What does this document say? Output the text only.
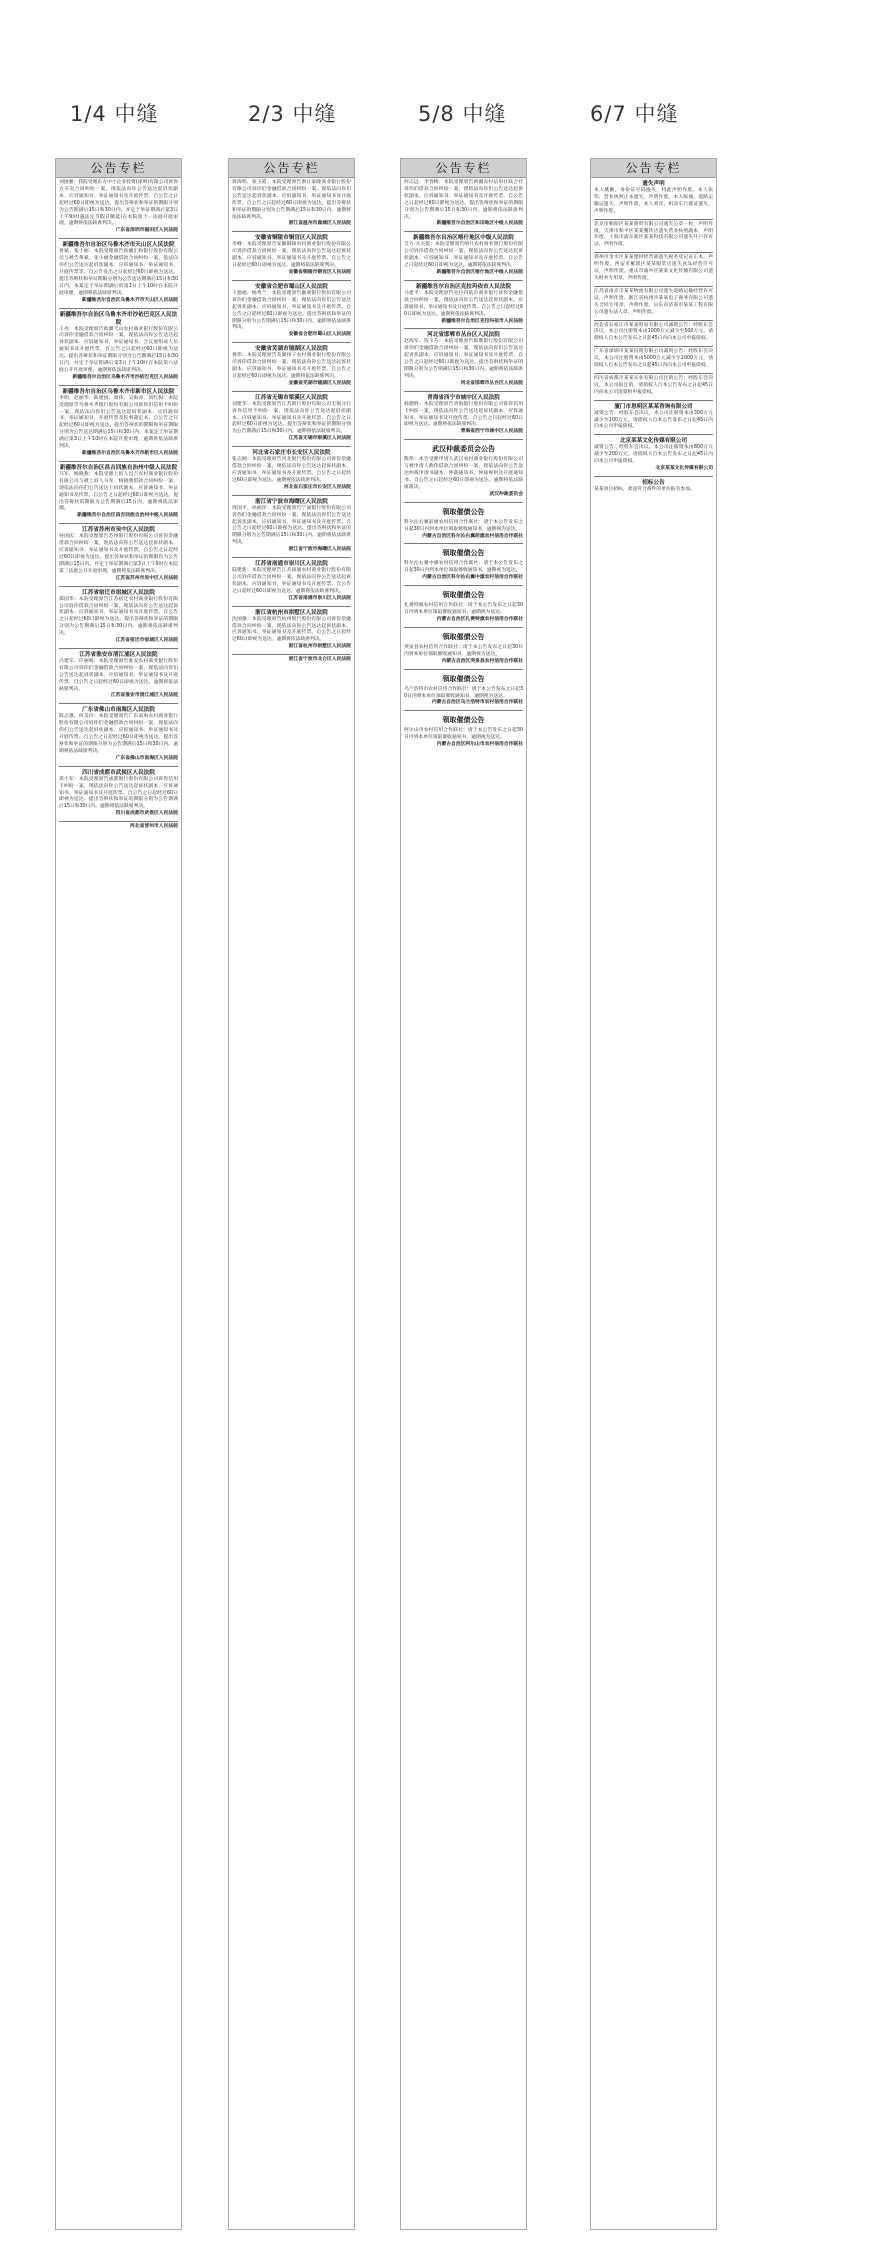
1/4 中缝	2/3 中缝	5/8 中缝	6/7 中缝
公告专栏
刘国强：我院受理东方中小企业投资(深圳)有限公司诉你方买卖合同纠纷一案，现依法向你公告送达起诉状副本、应诉通知书、举证通知书及开庭传票。自公告之日起经过60日即视为送达。提出答辩状和举证的期限分别为公告期满后15日和30日内。并定于举证期满后第3日上午9时(遇法定节假日顺延)在本院第十一法庭开庭审理，逾期将依法缺席判决。
广东省深圳市福田区人民法院
新疆维吾尔自治区乌鲁木齐市天山区人民法院
黄斌、张小丽：本院受理原告新疆汇和银行股份有限公司与被告黄斌、张小丽金融借款合同纠纷一案，依法向你们公告送达起诉状副本、应诉通知书、举证通知书、开庭传票等。自公告发出之日起经过60日即视为送达。提出答辩状和举证期限分别为公告送达期满后15日和30日内。本案定于举证期满后的第3日上午10时在本院开庭审理，逾期将依法缺席判决。
新疆维吾尔自治区乌鲁木齐市天山区人民法院
新疆维吾尔自治区乌鲁木齐市沙依巴克区人民法院
王亮：本院受理原告新疆天山农村商业银行股份有限公司诉你金融借款合同纠纷一案，现依法向你公告送达起诉状副本、应诉通知书、举证通知书、合议庭组成人员通知书及开庭传票。自公告之日起经过60日即视为送达。提出答辩状和举证期限分别为公告期满后15日和30日内，并定于举证期满后第3日上午10时在本院第六法庭公开开庭审理，逾期将依法缺席判决。
新疆维吾尔自治区乌鲁木齐市沙依巴克区人民法院
新疆维吾尔自治区乌鲁木齐市新市区人民法院
李明、赵丽华、陈建国、周伟、吴海涛、刘红梅：本院受理原告乌鲁木齐银行股份有限公司诉你们信用卡纠纷一案，现依法向你们公告送达起诉状副本、应诉通知书、举证通知书、开庭传票及民事裁定书。自公告之日起经过60日即视为送达。提出答辩状的期限和举证期限分别为公告送达期满后15日和30日内，本案定于举证期满后第3日上午10时在本院开庭审理，逾期将依法缺席判决。
新疆维吾尔自治区乌鲁木齐市新市区人民法院
新疆维吾尔自治区昌吉回族自治州中级人民法院
马军、杨晓燕：本院受理上诉人昌吉农村商业银行股份有限公司与被上诉人马军、杨晓燕借款合同纠纷一案，现依法向你们公告送达上诉状副本、应诉通知书、举证通知书及传票。自公告之日起经过60日即视为送达。提出答辩状的期限为公告期满后15日内，逾期将依法审理。
新疆维吾尔自治区昌吉回族自治州中级人民法院
江苏省苏州市吴中区人民法院
孙国庆：本院受理原告苏州银行股份有限公司诉你金融借款合同纠纷一案，现依法向你公告送达起诉状副本、应诉通知书、举证通知书及开庭传票。自公告之日起经过60日即视为送达。提出答辩状和举证的期限均为公告期满后15日内。并定于举证期满后第3日上午9时在本院第三法庭公开开庭审理，逾期将依法缺席判决。
江苏省苏州市吴中区人民法院
江苏省宿迁市宿城区人民法院
郑国华：本院受理原告江苏宿迁农村商业银行股份有限公司诉你借款合同纠纷一案，现依法向你公告送达起诉状副本、应诉通知书、举证通知书及开庭传票。自公告之日起经过60日即视为送达。提出答辩状和举证的期限分别为公告期满后15日和30日内。逾期将依法缺席判决。
江苏省宿迁市宿城区人民法院
江苏省淮安市清江浦区人民法院
冯建军、许丽娟：本院受理原告淮安农村商业银行股份有限公司诉你们金融借款合同纠纷一案，现依法向你们公告送达起诉状副本、应诉通知书、举证通知书及开庭传票。自公告之日起经过60日即视为送达。逾期将依法缺席判决。
江苏省淮安市清江浦区人民法院
广东省佛山市南海区人民法院
陈志强、何美玲：本院受理原告广东南海农村商业银行股份有限公司诉你们金融借款合同纠纷一案，现依法向你们公告送达起诉状副本、应诉通知书、举证通知书及开庭传票。自公告之日起经过60日即视为送达。提出答辩状和举证的期限分别为公告期满后15日和30日内。逾期将依法缺席判决。
广东省佛山市南海区人民法院
四川省成都市武侯区人民法院
邓小军：本院受理原告成都银行股份有限公司诉你信用卡纠纷一案，现依法向你公告送达起诉状副本、应诉通知书、举证通知书及开庭传票。自公告之日起经过60日即视为送达。提出答辩状和举证的期限分别为公告期满后15日和30日内。逾期将依法缺席判决。
四川省成都市武侯区人民法院
河北省晋州市人民法院
公告专栏
蒋海明、张玉霞：本院受理原告浙江泰隆商业银行股份有限公司诉你们金融借款合同纠纷一案，现依法向你们公告送达起诉状副本、应诉通知书、举证通知书及开庭传票。自公告之日起经过60日即视为送达。提出答辩状和举证的期限分别为公告期满后15日和30日内。逾期将依法缺席判决。
浙江省温州市鹿城区人民法院
安徽省铜陵市铜官区人民法院
李峰：本院受理原告安徽铜陵农村商业银行股份有限公司诉你借款合同纠纷一案，现依法向你公告送达起诉状副本、应诉通知书、举证通知书及开庭传票。自公告之日起经过60日即视为送达。逾期将依法缺席判决。
安徽省铜陵市铜官区人民法院
安徽省合肥市蜀山区人民法院
王德福、杨秀兰：本院受理原告徽商银行股份有限公司诉你们金融借款合同纠纷一案，现依法向你们公告送达起诉状副本、应诉通知书、举证通知书及开庭传票。自公告之日起经过60日即视为送达。提出答辩状和举证的期限分别为公告期满后15日和30日内。逾期将依法缺席判决。
安徽省合肥市蜀山区人民法院
安徽省芜湖市镜湖区人民法院
黄伟：本院受理原告芜湖扬子农村商业银行股份有限公司诉你借款合同纠纷一案，现依法向你公告送达起诉状副本、应诉通知书、举证通知书及开庭传票。自公告之日起经过60日即视为送达。逾期将依法缺席判决。
安徽省芜湖市镜湖区人民法院
江苏省无锡市梁溪区人民法院
刘建华：本院受理原告江苏银行股份有限公司无锡分行诉你信用卡纠纷一案，现依法向你公告送达起诉状副本、应诉通知书、举证通知书及开庭传票。自公告之日起经过60日即视为送达。提出答辩状和举证的期限分别为公告期满后15日和30日内。逾期将依法缺席判决。
江苏省无锡市梁溪区人民法院
河北省石家庄市长安区人民法院
张志刚：本院受理原告河北银行股份有限公司诉你金融借款合同纠纷一案，现依法向你公告送达起诉状副本、应诉通知书、举证通知书及开庭传票。自公告之日起经过60日即视为送达。逾期将依法缺席判决。
河北省石家庄市长安区人民法院
浙江省宁波市海曙区人民法院
周国平、孙丽萍：本院受理原告宁波银行股份有限公司诉你们金融借款合同纠纷一案，现依法向你们公告送达起诉状副本、应诉通知书、举证通知书及开庭传票。自公告之日起经过60日即视为送达。提出答辩状和举证的期限分别为公告期满后15日和30日内。逾期将依法缺席判决。
浙江省宁波市海曙区人民法院
江苏省南通市崇川区人民法院
陆建新：本院受理原告江苏南通农村商业银行股份有限公司诉你借款合同纠纷一案，现依法向你公告送达起诉状副本、应诉通知书、举证通知书及开庭传票。自公告之日起经过60日即视为送达。逾期将依法缺席判决。
江苏省南通市崇川区人民法院
浙江省杭州市拱墅区人民法院
沈国强：本院受理原告杭州银行股份有限公司诉你金融借款合同纠纷一案，现依法向你公告送达起诉状副本、应诉通知书、举证通知书及开庭传票。自公告之日起经过60日即视为送达。逾期将依法缺席判决。
浙江省杭州市拱墅区人民法院
浙江省宁波市北仑区人民法院
公告专栏
何志远、李春梅：本院受理原告新疆农村信用社联合社诉你们借款合同纠纷一案，现依法向你们公告送达起诉状副本、应诉通知书、举证通知书及开庭传票。自公告之日起经过60日即视为送达。提出答辩状和举证的期限分别为公告期满后15日和30日内。逾期将依法缺席判决。
新疆维吾尔自治区和田地区中级人民法院
新疆维吾尔自治区喀什地区中级人民法院
艾力·买买提：本院受理原告喀什农村商业银行股份有限公司诉你借款合同纠纷一案，现依法向你公告送达起诉状副本、应诉通知书、举证通知书及开庭传票。自公告之日起经过60日即视为送达。逾期将依法缺席判决。
新疆维吾尔自治区喀什地区中级人民法院
新疆维吾尔自治区克拉玛依市人民法院
马建平：本院受理原告克拉玛依市商业银行诉你金融借款合同纠纷一案，现依法向你公告送达起诉状副本、应诉通知书、举证通知书及开庭传票。自公告之日起经过60日即视为送达。逾期将依法缺席判决。
新疆维吾尔自治区克拉玛依市人民法院
河北省邯郸市丛台区人民法院
赵海军、钱玉芬：本院受理原告邯郸银行股份有限公司诉你们金融借款合同纠纷一案，现依法向你们公告送达起诉状副本、应诉通知书、举证通知书及开庭传票。自公告之日起经过60日即视为送达。提出答辩状和举证的期限分别为公告期满后15日和30日内。逾期将依法缺席判决。
河北省邯郸市丛台区人民法院
青海省西宁市城中区人民法院
韩德胜：本院受理原告青海银行股份有限公司诉你信用卡纠纷一案，现依法向你公告送达起诉状副本、应诉通知书、举证通知书及开庭传票。自公告之日起经过60日即视为送达。逾期将依法缺席判决。
青海省西宁市城中区人民法院
武汉仲裁委员会公告
熊伟：本会受理申请人武汉农村商业银行股份有限公司与被申请人熊伟借款合同纠纷一案，现依法向你公告送达仲裁申请书副本、仲裁通知书、仲裁规则及开庭通知书。自公告之日起经过60日即视为送达。逾期将依法缺席裁决。
武汉仲裁委员会
领取催债公告
科尔沁右翼前旗农村信用合作联社：请于本公告发布之日起30日内到本单位领取催收通知书，逾期视为送达。
内蒙古自治区科尔沁右翼前旗农村信用合作联社
领取催债公告
科尔沁右翼中旗农村信用合作联社：请于本公告发布之日起30日内到本单位领取催收通知书，逾期视为送达。
内蒙古自治区科尔沁右翼中旗农村信用合作联社
领取催债公告
扎赉特旗农村信用合作联社：请于本公告发布之日起30日内到本单位领取催收通知书，逾期视为送达。
内蒙古自治区扎赉特旗农村信用合作联社
领取催债公告
突泉县农村信用合作联社：请于本公告发布之日起30日内到本单位领取催收通知书，逾期视为送达。
内蒙古自治区突泉县农村信用合作联社
领取催债公告
乌兰浩特市农村信用合作联社：请于本公告发布之日起30日内到本单位领取催收通知书，逾期视为送达。
内蒙古自治区乌兰浩特市农村信用合作联社
领取催债公告
阿尔山市农村信用合作联社：请于本公告发布之日起30日内到本单位领取催收通知书，逾期视为送达。
内蒙古自治区阿尔山市农村信用合作联社
公告专栏
遗失声明
本人姚勤，身份证号码遗失，特此声明作废。本人张伟，营业执照正本遗失，声明作废。本人陈丽，道路运输证遗失，声明作废。本人刘洋，机动车行驶证遗失，声明作废。
北京市朝阳区某某商贸有限公司遗失公章一枚，声明作废。天津市和平区某某餐饮店遗失营业执照副本，声明作废。上海市浦东新区某某科技有限公司遗失开户许可证，声明作废。
郑州市金水区某某建材经营部遗失税务登记证正本，声明作废。西安市雁塔区某某服装店遗失食品经营许可证，声明作废。重庆市渝中区某某文化传播有限公司遗失财务专用章，声明作废。
江苏省南京市某某物流有限公司遗失道路运输经营许可证，声明作废。浙江省杭州市某某电子商务有限公司遗失合同专用章，声明作废。山东省济南市某某工程有限公司遗失法人章，声明作废。
河北省石家庄市某某贸易有限公司减资公告：经股东会决议，本公司注册资本由1000万元减少至500万元，请债权人自本公告发布之日起45日内向本公司申报债权。
广东省深圳市某某投资有限公司减资公告：经股东会决议，本公司注册资本由5000万元减少至2000万元，请债权人自本公告发布之日起45日内向本公司申报债权。
四川省成都市某某实业有限公司注销公告：经股东会决议，本公司拟注销，请债权人自本公告发布之日起45日内向本公司清算组申报债权。
厦门市思明区某某咨询有限公司
减资公告：经股东会决议，本公司注册资本由300万元减少至100万元，请债权人自本公告发布之日起45日内向本公司申报债权。
北京某某文化传媒有限公司
减资公告：经股东会决议，本公司注册资本由800万元减少至200万元，请债权人自本公告发布之日起45日内向本公司申报债权。
北京某某文化传媒有限公司
招标公告
某某项目招标，欢迎符合条件的单位报名参加。
